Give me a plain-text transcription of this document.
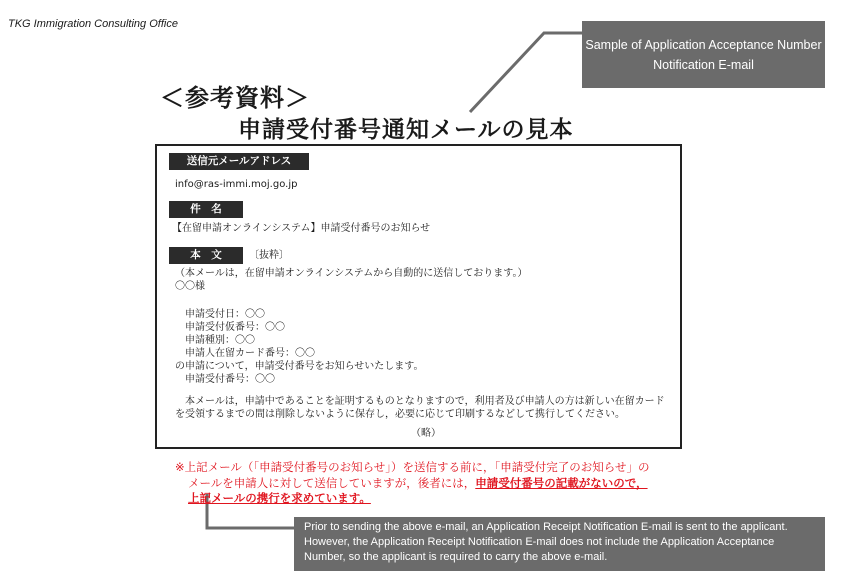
TKG Immigration Consulting Office
Sample of Application Acceptance Number Notification E-mail
＜参考資料＞
申請受付番号通知メールの見本
送信元メールアドレス
info@ras-immi.moj.go.jp
件　名
【在留申請オンラインシステム】申請受付番号のお知らせ
本　文	〔抜粋〕
（本メールは，在留申請オンラインシステムから自動的に送信しております。）
〇〇様
　申請受付日：〇〇
　申請受付仮番号：〇〇
　申請種別：〇〇
　申請人在留カード番号：〇〇
の申請について，申請受付番号をお知らせいたします。
　申請受付番号：〇〇
　本メールは，申請中であることを証明するものとなりますので，利用者及び申請人の方は新しい在留カード
を受領するまでの間は削除しないように保存し，必要に応じて印刷するなどして携行してください。
（略）
※上記メール（「申請受付番号のお知らせ」）を送信する前に，「申請受付完了のお知らせ」の
メールを申請人に対して送信していますが，後者には，申請受付番号の記載がないので，
上記メールの携行を求めています。
Prior to sending the above e-mail, an Application Receipt Notification E-mail is sent to the applicant. However, the Application Receipt Notification E-mail does not include the Application Acceptance Number, so the applicant is required to carry the above e-mail.
